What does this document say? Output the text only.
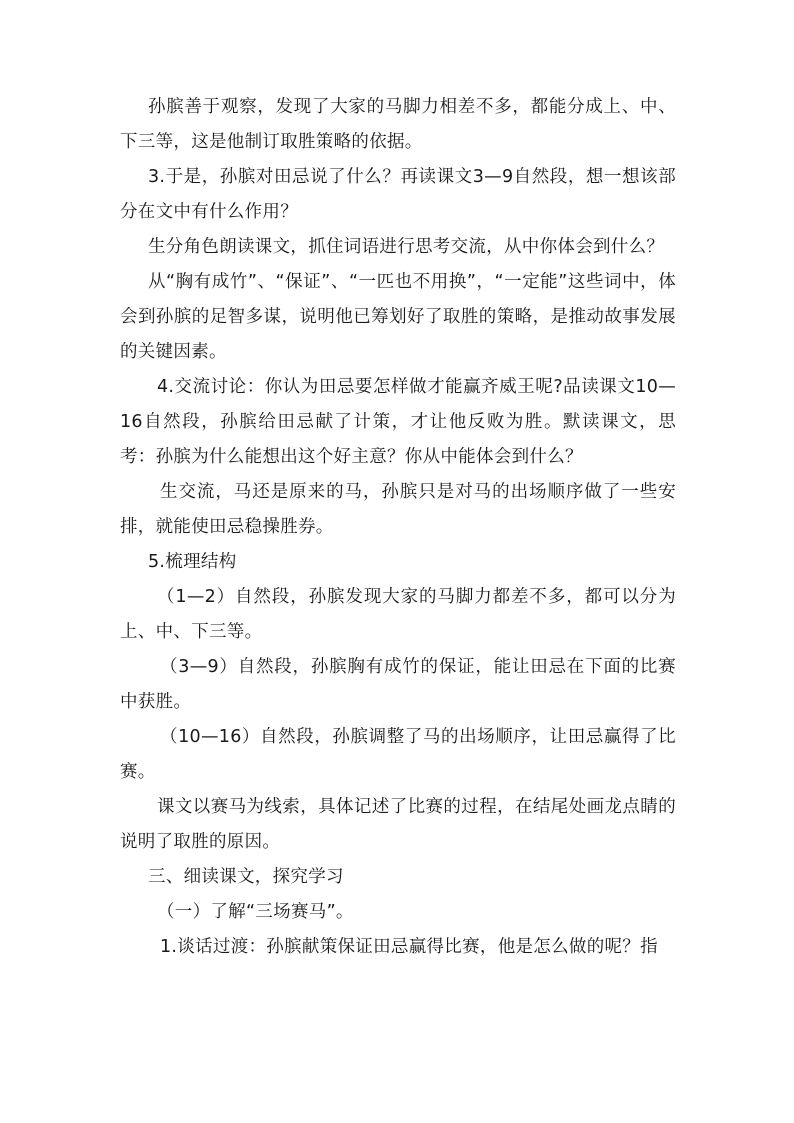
孙膑善于观察，发现了大家的马脚力相差不多，都能分成上、中、下三等，这是他制订取胜策略的依据。

3.于是，孙膑对田忌说了什么？再读课文3—9自然段，想一想该部分在文中有什么作用？

生分角色朗读课文，抓住词语进行思考交流，从中你体会到什么？

从“胸有成竹”、“保证”、“一匹也不用换”，“一定能”这些词中，体会到孙膑的足智多谋，说明他已筹划好了取胜的策略，是推动故事发展的关键因素。

4.交流讨论：你认为田忌要怎样做才能赢齐威王呢?品读课文10—16自然段，孙膑给田忌献了计策，才让他反败为胜。默读课文，思考：孙膑为什么能想出这个好主意？你从中能体会到什么？

生交流，马还是原来的马，孙膑只是对马的出场顺序做了一些安排，就能使田忌稳操胜券。

5.梳理结构

（1—2）自然段，孙膑发现大家的马脚力都差不多，都可以分为上、中、下三等。

（3—9）自然段，孙膑胸有成竹的保证，能让田忌在下面的比赛中获胜。

（10—16）自然段，孙膑调整了马的出场顺序，让田忌赢得了比赛。

课文以赛马为线索，具体记述了比赛的过程，在结尾处画龙点睛的说明了取胜的原因。

三、细读课文，探究学习

（一）了解“三场赛马”。

1.谈话过渡：孙膑献策保证田忌赢得比赛，他是怎么做的呢？指
